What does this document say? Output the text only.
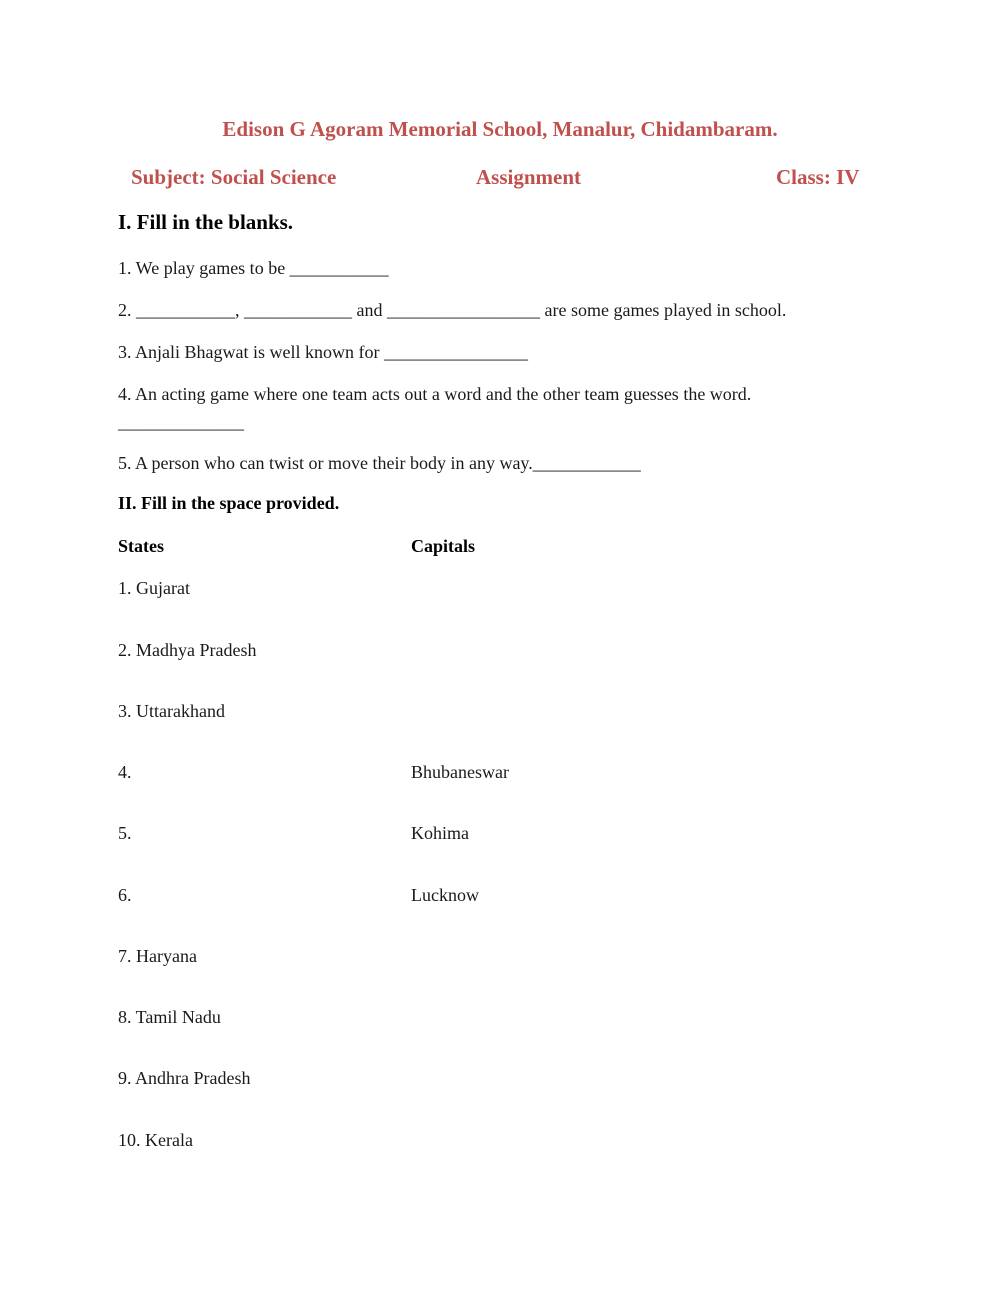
Edison G Agoram Memorial School, Manalur, Chidambaram.
Subject: Social Science	Assignment	Class: IV
I. Fill in the blanks.
1. We play games to be ___________
2. ___________, ____________ and _________________ are some games played in school.
3. Anjali Bhagwat is well known for ________________
4. An acting game where one team acts out a word and the other team guesses the word.
______________
5. A person who can twist or move their body in any way.____________
II. Fill in the space provided.
States	Capitals
1. Gujarat
2. Madhya Pradesh
3. Uttarakhand
4.	Bhubaneswar
5.	Kohima
6.	Lucknow
7. Haryana
8. Tamil Nadu
9. Andhra Pradesh
10. Kerala
